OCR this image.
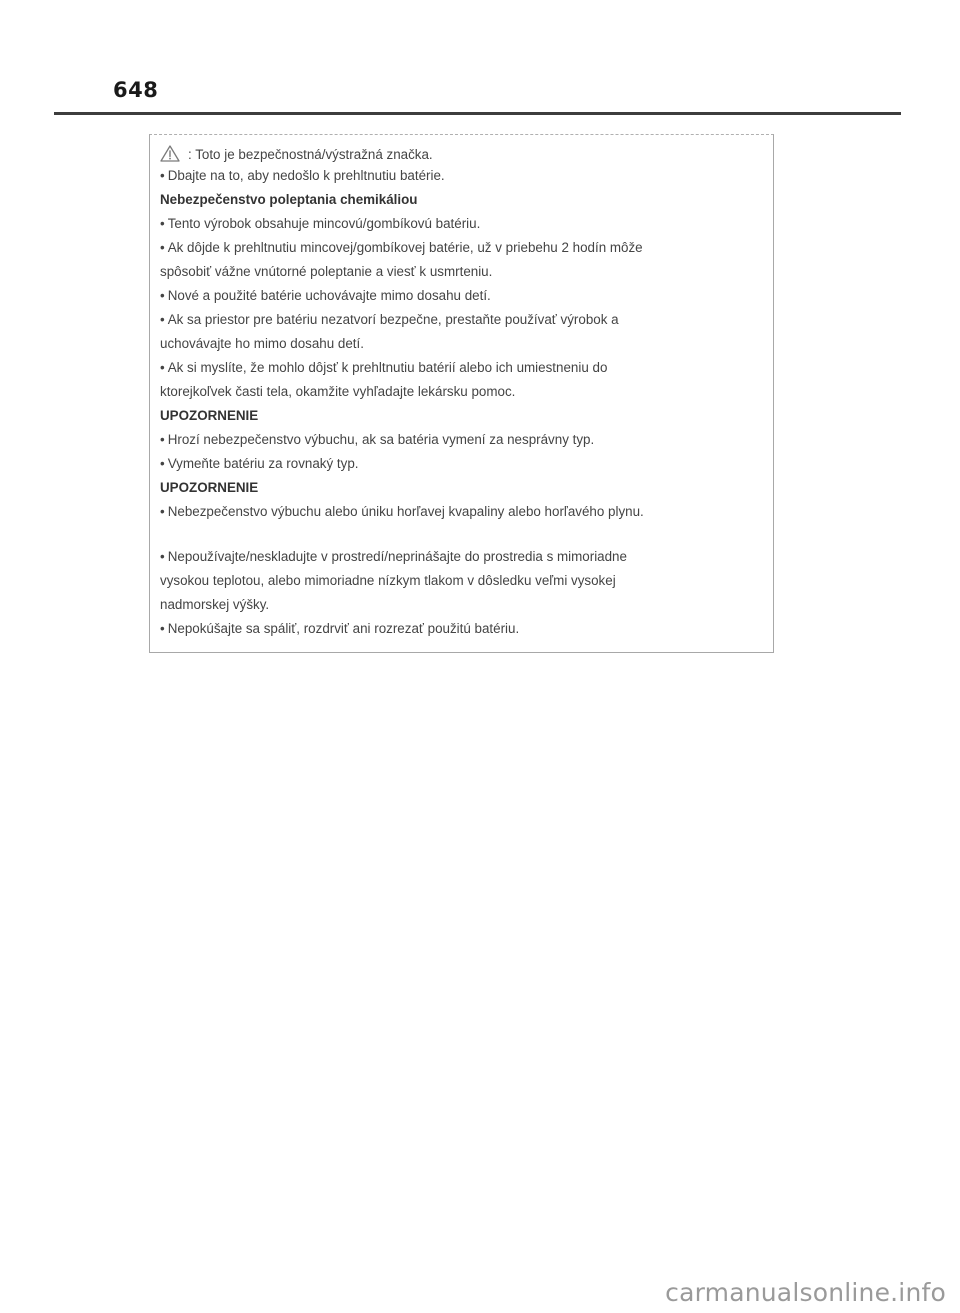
648
: Toto je bezpečnostná/výstražná značka.
• Dbajte na to, aby nedošlo k prehltnutiu batérie.
Nebezpečenstvo poleptania chemikáliou
• Tento výrobok obsahuje mincovú/gombíkovú batériu.
• Ak dôjde k prehltnutiu mincovej/gombíkovej batérie, už v priebehu 2 hodín môže
spôsobiť vážne vnútorné poleptanie a viesť k usmrteniu.
• Nové a použité batérie uchovávajte mimo dosahu detí.
• Ak sa priestor pre batériu nezatvorí bezpečne, prestaňte používať výrobok a
uchovávajte ho mimo dosahu detí.
• Ak si myslíte, že mohlo dôjsť k prehltnutiu batérií alebo ich umiestneniu do
ktorejkoľvek časti tela, okamžite vyhľadajte lekársku pomoc.
UPOZORNENIE
• Hrozí nebezpečenstvo výbuchu, ak sa batéria vymení za nesprávny typ.
• Vymeňte batériu za rovnaký typ.
UPOZORNENIE
• Nebezpečenstvo výbuchu alebo úniku horľavej kvapaliny alebo horľavého plynu.
• Nepoužívajte/neskladujte v prostredí/neprinášajte do prostredia s mimoriadne
vysokou teplotou, alebo mimoriadne nízkym tlakom v dôsledku veľmi vysokej
nadmorskej výšky.
• Nepokúšajte sa spáliť, rozdrviť ani rozrezať použitú batériu.
carmanualsonline.info
